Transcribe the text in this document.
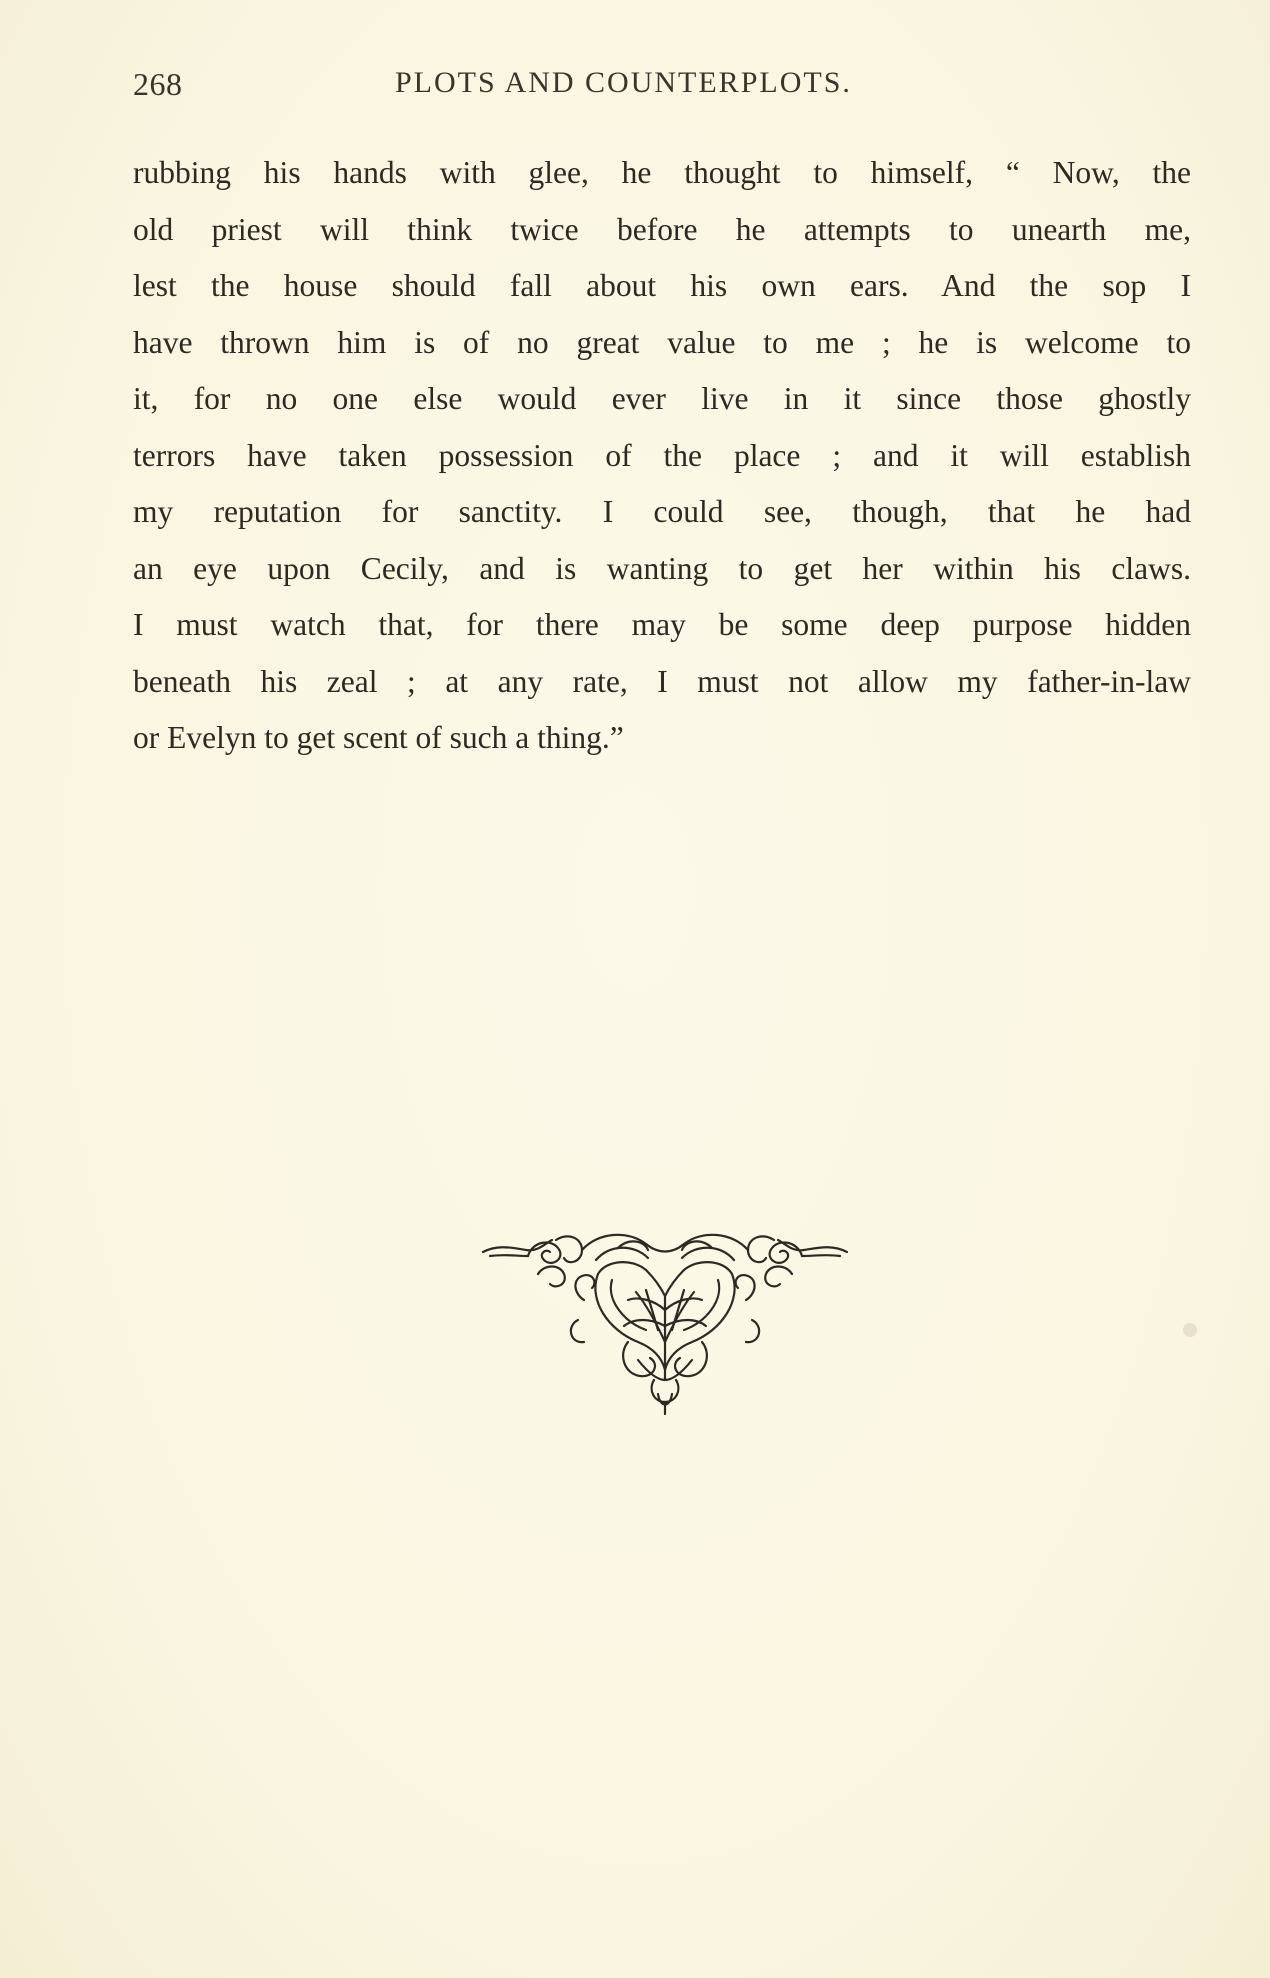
268	PLOTS AND COUNTERPLOTS.
rubbing his hands with glee, he thought to himself, “ Now, the
old priest will think twice before he attempts to unearth me,
lest the house should fall about his own ears. And the sop I
have thrown him is of no great value to me ; he is welcome to
it, for no one else would ever live in it since those ghostly
terrors have taken possession of the place ; and it will establish
my reputation for sanctity. I could see, though, that he had
an eye upon Cecily, and is wanting to get her within his claws.
I must watch that, for there may be some deep purpose hidden
beneath his zeal ; at any rate, I must not allow my father-in-law
or Evelyn to get scent of such a thing.”
